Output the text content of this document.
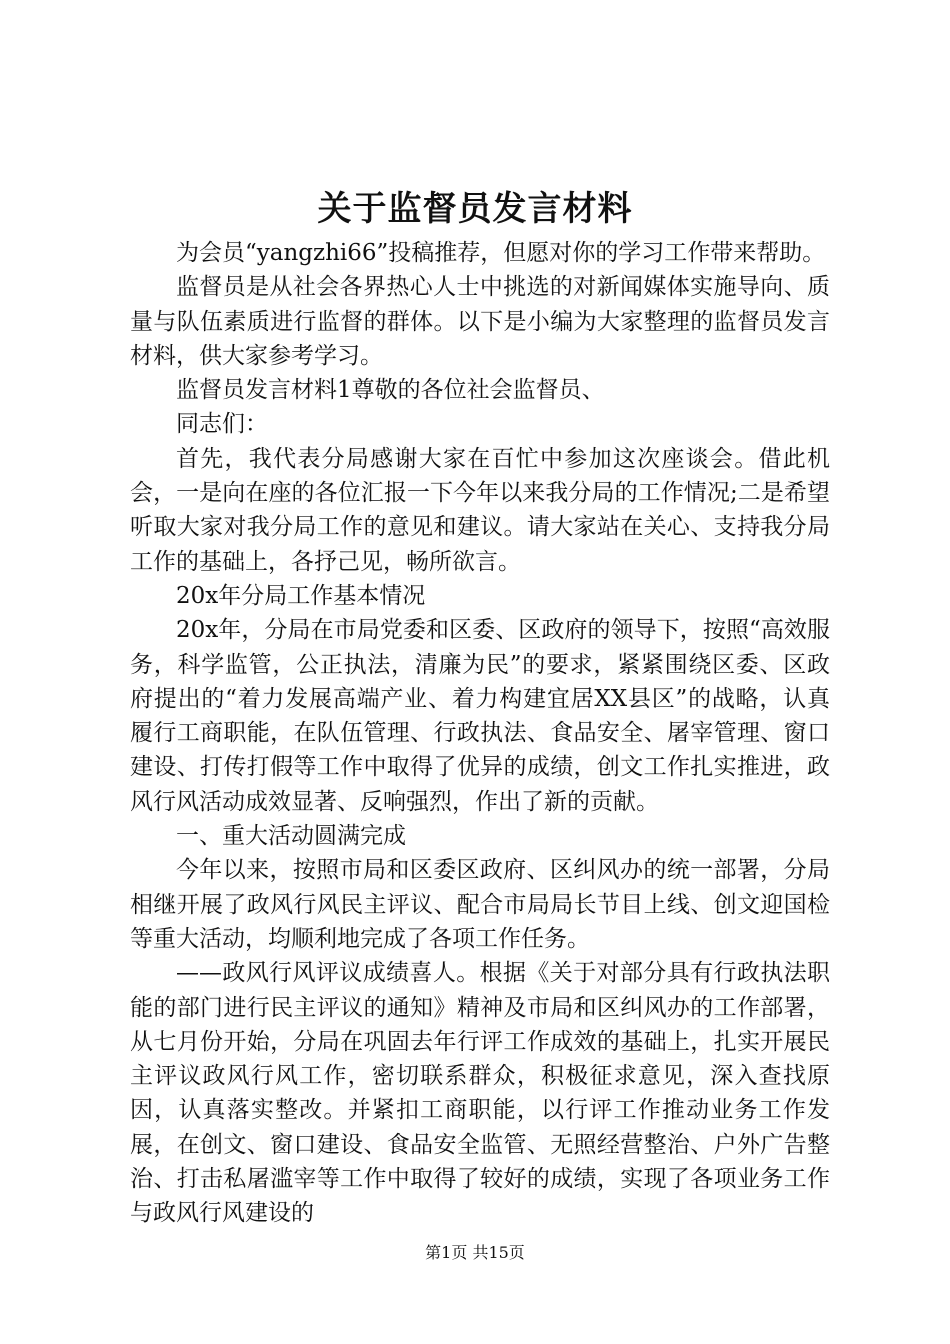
关于监督员发言材料

为会员“yangzhi66”投稿推荐，但愿对你的学习工作带来帮助。

监督员是从社会各界热心人士中挑选的对新闻媒体实施导向、质量与队伍素质进行监督的群体。以下是小编为大家整理的监督员发言材料，供大家参考学习。

监督员发言材料1尊敬的各位社会监督员、

同志们：

首先，我代表分局感谢大家在百忙中参加这次座谈会。借此机会，一是向在座的各位汇报一下今年以来我分局的工作情况;二是希望听取大家对我分局工作的意见和建议。请大家站在关心、支持我分局工作的基础上，各抒己见，畅所欲言。

20x年分局工作基本情况

20x年，分局在市局党委和区委、区政府的领导下，按照“高效服务，科学监管，公正执法，清廉为民”的要求，紧紧围绕区委、区政府提出的“着力发展高端产业、着力构建宜居XX县区”的战略，认真履行工商职能，在队伍管理、行政执法、食品安全、屠宰管理、窗口建设、打传打假等工作中取得了优异的成绩，创文工作扎实推进，政风行风活动成效显著、反响强烈，作出了新的贡献。

一、重大活动圆满完成

今年以来，按照市局和区委区政府、区纠风办的统一部署，分局相继开展了政风行风民主评议、配合市局局长节目上线、创文迎国检等重大活动，均顺利地完成了各项工作任务。

——政风行风评议成绩喜人。根据《关于对部分具有行政执法职能的部门进行民主评议的通知》精神及市局和区纠风办的工作部署，从七月份开始，分局在巩固去年行评工作成效的基础上，扎实开展民主评议政风行风工作，密切联系群众，积极征求意见，深入查找原因，认真落实整改。并紧扣工商职能，以行评工作推动业务工作发展，在创文、窗口建设、食品安全监管、无照经营整治、户外广告整治、打击私屠滥宰等工作中取得了较好的成绩，实现了各项业务工作与政风行风建设的

第1页 共15页
